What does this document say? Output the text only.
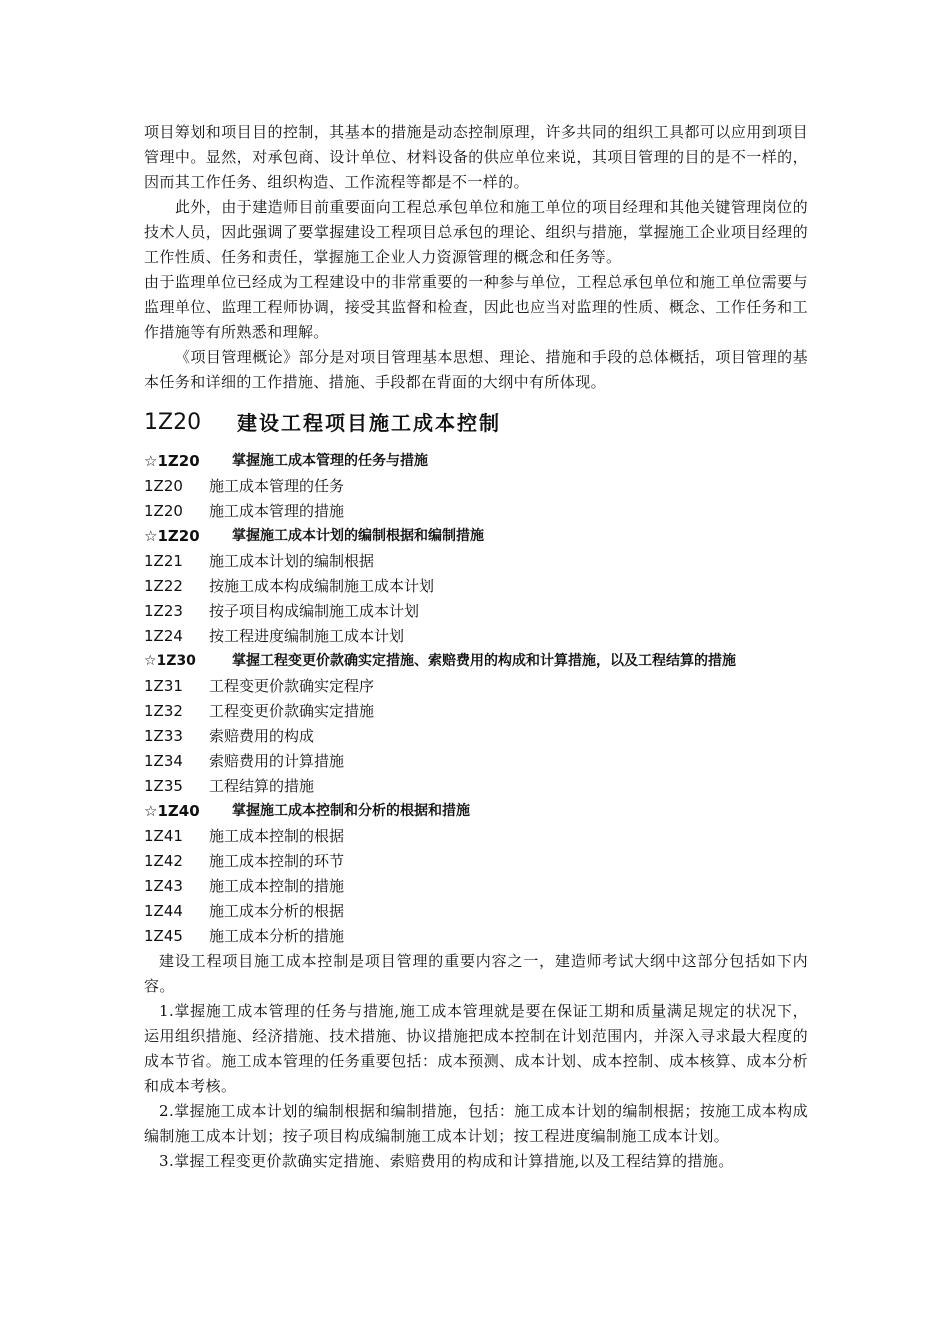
项目筹划和项目目的控制，其基本的措施是动态控制原理，许多共同的组织工具都可以应用到项目管理中。显然，对承包商、设计单位、材料设备的供应单位来说，其项目管理的目的是不一样的，因而其工作任务、组织构造、工作流程等都是不一样的。

此外，由于建造师目前重要面向工程总承包单位和施工单位的项目经理和其他关键管理岗位的技术人员，因此强调了要掌握建设工程项目总承包的理论、组织与措施，掌握施工企业项目经理的工作性质、任务和责任，掌握施工企业人力资源管理的概念和任务等。

由于监理单位已经成为工程建设中的非常重要的一种参与单位，工程总承包单位和施工单位需要与监理单位、监理工程师协调，接受其监督和检查，因此也应当对监理的性质、概念、工作任务和工作措施等有所熟悉和理解。

《项目管理概论》部分是对项目管理基本思想、理论、措施和手段的总体概括，项目管理的基本任务和详细的工作措施、措施、手段都在背面的大纲中有所体现。

1Z20	建设工程项目施工成本控制
☆1Z20	掌握施工成本管理的任务与措施
1Z20	施工成本管理的任务
1Z20	施工成本管理的措施
☆1Z20	掌握施工成本计划的编制根据和编制措施
1Z21	施工成本计划的编制根据
1Z22	按施工成本构成编制施工成本计划
1Z23	按子项目构成编制施工成本计划
1Z24	按工程进度编制施工成本计划
☆1Z30	掌握工程变更价款确实定措施、索赔费用的构成和计算措施，以及工程结算的措施
1Z31	工程变更价款确实定程序
1Z32	工程变更价款确实定措施
1Z33	索赔费用的构成
1Z34	索赔费用的计算措施
1Z35	工程结算的措施
☆1Z40	掌握施工成本控制和分析的根据和措施
1Z41	施工成本控制的根据
1Z42	施工成本控制的环节
1Z43	施工成本控制的措施
1Z44	施工成本分析的根据
1Z45	施工成本分析的措施

建设工程项目施工成本控制是项目管理的重要内容之一，建造师考试大纲中这部分包括如下内容。

1.掌握施工成本管理的任务与措施,施工成本管理就是要在保证工期和质量满足规定的状况下，运用组织措施、经济措施、技术措施、协议措施把成本控制在计划范围内，并深入寻求最大程度的成本节省。施工成本管理的任务重要包括：成本预测、成本计划、成本控制、成本核算、成本分析和成本考核。

2.掌握施工成本计划的编制根据和编制措施，包括：施工成本计划的编制根据；按施工成本构成编制施工成本计划；按子项目构成编制施工成本计划；按工程进度编制施工成本计划。

3.掌握工程变更价款确实定措施、索赔费用的构成和计算措施,以及工程结算的措施。
